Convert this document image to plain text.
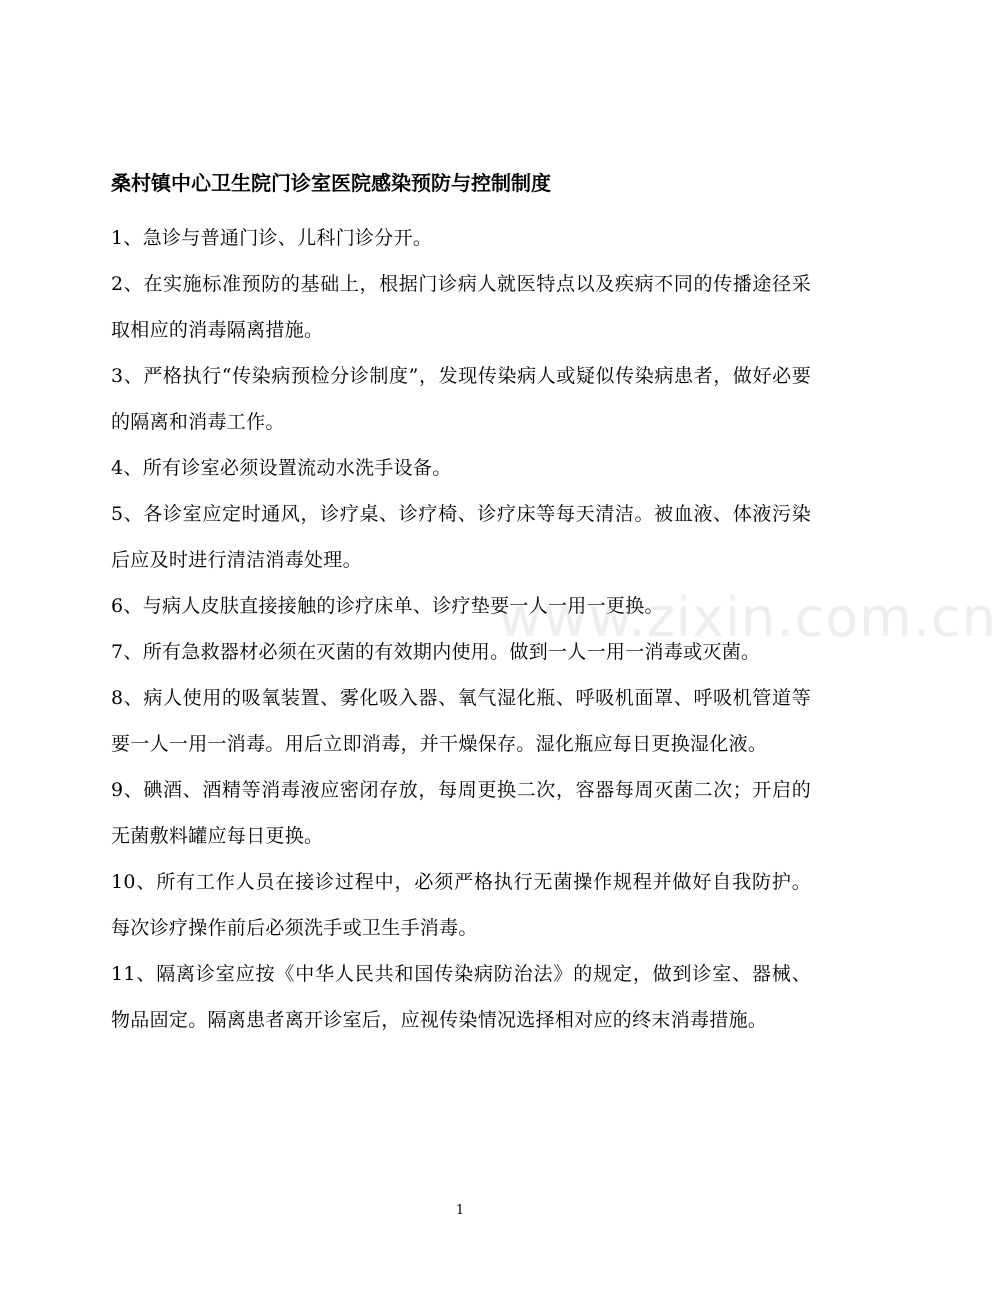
桑村镇中心卫生院门诊室医院感染预防与控制制度

1、急诊与普通门诊、儿科门诊分开。

2、在实施标准预防的基础上，根据门诊病人就医特点以及疾病不同的传播途径采取相应的消毒隔离措施。

3、严格执行“传染病预检分诊制度”，发现传染病人或疑似传染病患者，做好必要的隔离和消毒工作。

4、所有诊室必须设置流动水洗手设备。

5、各诊室应定时通风，诊疗桌、诊疗椅、诊疗床等每天清洁。被血液、体液污染后应及时进行清洁消毒处理。

6、与病人皮肤直接接触的诊疗床单、诊疗垫要一人一用一更换。

7、所有急救器材必须在灭菌的有效期内使用。做到一人一用一消毒或灭菌。

8、病人使用的吸氧装置、雾化吸入器、氧气湿化瓶、呼吸机面罩、呼吸机管道等要一人一用一消毒。用后立即消毒，并干燥保存。湿化瓶应每日更换湿化液。

9、碘酒、酒精等消毒液应密闭存放，每周更换二次，容器每周灭菌二次；开启的无菌敷料罐应每日更换。

10、所有工作人员在接诊过程中，必须严格执行无菌操作规程并做好自我防护。每次诊疗操作前后必须洗手或卫生手消毒。

11、隔离诊室应按《中华人民共和国传染病防治法》的规定，做到诊室、器械、物品固定。隔离患者离开诊室后，应视传染情况选择相对应的终末消毒措施。

www.zixin.com.cn
1
